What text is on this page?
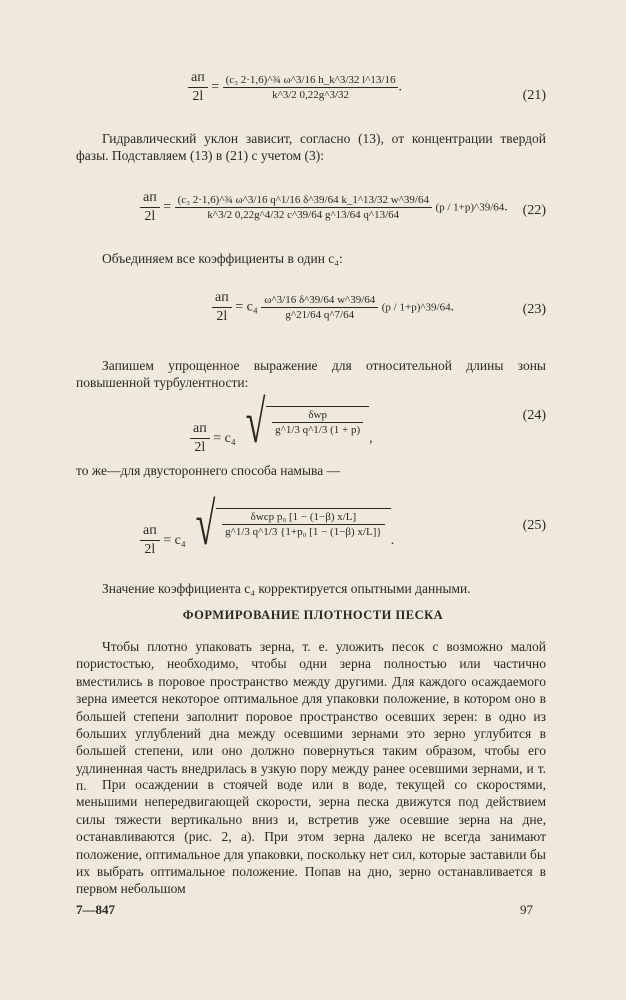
$\frac{aп}{2l} = \frac{\text{(c₃ 2·1,6)\textasciicircum{}¾ ω\textasciicircum{}3/16 h\_k\textasciicircum{}3/32 l\textasciicircum{}13/16}}{k\^{}3/2 0,22g\^{}3/32}$ .
(21)
Гидравлический уклон зависит, согласно (13), от концентрации твердой фазы. Подставляем (13) в (21) с учетом (3):
$\frac{aп}{2l} = \frac{\text{(c₃ 2·1,6)\textasciicircum{}¾ ω\textasciicircum{}3/16 q\textasciicircum{}1/16 δ\textasciicircum{}39/64 k\_1\textasciicircum{}13/32 w\textasciicircum{}39/64}}{k\^{}3/2 0,22g\^{}4/32 c\^{}39/64 g\^{}13/64 q\^{}13/64} (p$ / 1+p)^39/64. (22)
Объединяем все коэффициенты в один c₄:
$\frac{aп}{2l} = c_4 \frac{\omega\^{}3/16 \delta\^{}39/64 w\^{}39/64}{g\^{}21/64 q\^{}7/64} (p$ / 1+p)^39/64.	(23)
Запишем упрощенное выражение для относительной длины зоны повышенной турбулентности:
$\frac{aп}{2l} = c_4$ √ $\frac{\text{δwp}}{g\^{}1/3 q\^{}1/3 (1 + p)}$
,
(24)
то же—для двустороннего способа намыва —
$\frac{aп}{2l} = c_4$ √ $\frac{\text{δwср p₀ [1 − (1−β) x/L]}}{\text{g\textasciicircum{}1/3 q\textasciicircum{}1/3 \{1+p₀ [1 − (1−β) x/L]\}}}$
.
(25)
Значение коэффициента c₄ корректируется опытными данными.
ФОРМИРОВАНИЕ ПЛОТНОСТИ ПЕСКА
Чтобы плотно упаковать зерна, т. е. уложить песок с возможно малой пористостью, необходимо, чтобы одни зерна полностью или частично вместились в поровое пространство между другими. Для каждого осаждаемого зерна имеется некоторое оптимальное для упаковки положение, в котором оно в большей степени заполнит поровое пространство осевших зерен: в одно из больших углублений дна между осевшими зернами это зерно углубится в большей степени, или оно должно повернуться таким образом, чтобы его удлиненная часть внедрилась в узкую пору между ранее осевшими зернами, и т. п.	При осаждении в стоячей воде или в воде, текущей со скоростями, меньшими непередвигающей скорости, зерна песка движутся под действием силы тяжести вертикально вниз и, встретив уже осевшие зерна на дне, останавливаются (рис. 2, а). При этом зерна далеко не всегда занимают положение, оптимальное для упаковки, поскольку нет сил, которые заставили бы их выбрать оптимальное положение. Попав на дно, зерно останавливается в первом небольшом
7—847	97
